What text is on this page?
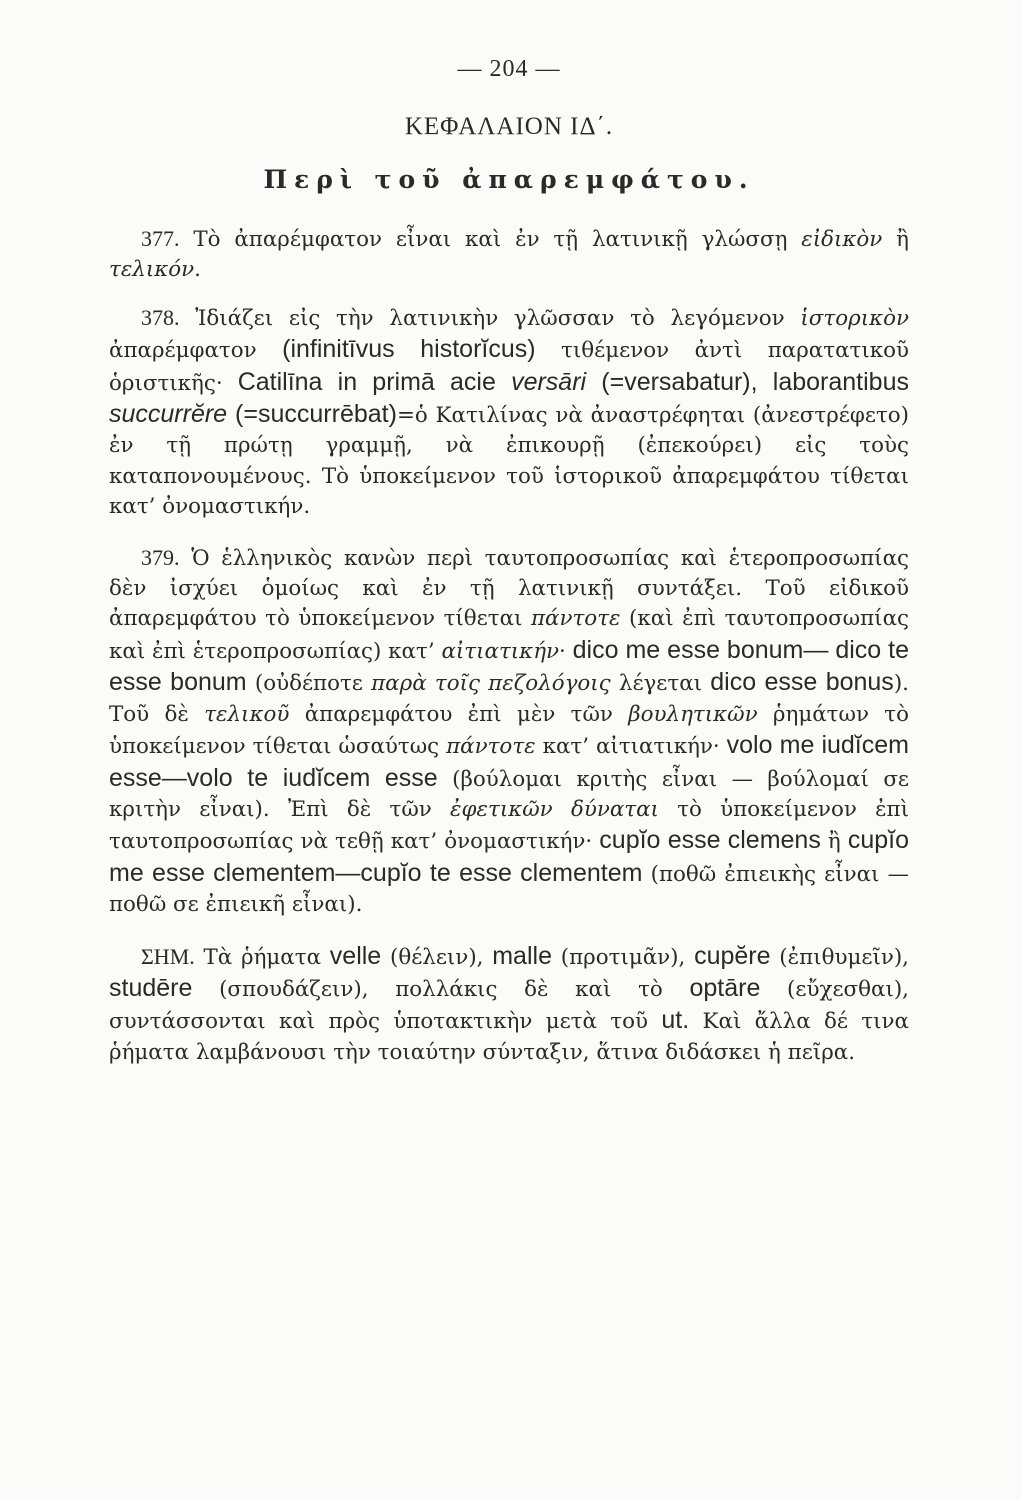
— 204 —
ΚΕΦΑΛΑΙΟΝ ΙΔ΄.
Περὶ τοῦ ἀπαρεμφάτου.

377. Τὸ ἀπαρέμφατον εἶναι καὶ ἐν τῇ λατινικῇ γλώσσῃ εἰδικὸν ἢ τελικόν.

378. Ἰδιάζει εἰς τὴν λατινικὴν γλῶσσαν τὸ λεγόμενον ἱστορικὸν ἀπαρέμφατον (infinitīvus historĭcus) τιθέμενον ἀντὶ παρατατικοῦ ὁριστικῆς· Catilīna in primā acie versāri (=versabatur), laborantibus succurrĕre (=succurrēbat)=ὁ Κατιλίνας νὰ ἀναστρέφηται (ἀνεστρέφετο) ἐν τῇ πρώτῃ γραμμῇ, νὰ ἐπικουρῇ (ἐπεκούρει) εἰς τοὺς καταπονουμένους. Τὸ ὑποκείμενον τοῦ ἱστορικοῦ ἀπαρεμφάτου τίθεται κατ’ ὀνομαστικήν.

379. Ὁ ἑλληνικὸς κανὼν περὶ ταυτοπροσωπίας καὶ ἑτεροπροσωπίας δὲν ἰσχύει ὁμοίως καὶ ἐν τῇ λατινικῇ συντάξει. Τοῦ εἰδικοῦ ἀπαρεμφάτου τὸ ὑποκείμενον τίθεται πάντοτε (καὶ ἐπὶ ταυτοπροσωπίας καὶ ἐπὶ ἑτεροπροσωπίας) κατ’ αἰτιατικήν· dico me esse bonum— dico te esse bonum (οὐδέποτε παρὰ τοῖς πεζολόγοις λέγεται dico esse bonus). Τοῦ δὲ τελικοῦ ἀπαρεμφάτου ἐπὶ μὲν τῶν βουλητικῶν ῥημάτων τὸ ὑποκείμενον τίθεται ὡσαύτως πάντοτε κατ’ αἰτιατικήν· volo me iudĭcem esse—volo te iudĭcem esse (βούλομαι κριτὴς εἶναι — βούλομαί σε κριτὴν εἶναι). Ἐπὶ δὲ τῶν ἐφετικῶν δύναται τὸ ὑποκείμενον ἐπὶ ταυτοπροσωπίας νὰ τεθῇ κατ’ ὀνομαστικήν· cupĭo esse clemens ἢ cupĭo me esse clementem—cupĭo te esse clementem (ποθῶ ἐπιεικὴς εἶναι — ποθῶ σε ἐπιεικῆ εἶναι).

ΣΗΜ. Τὰ ῥήματα velle (θέλειν), malle (προτιμᾶν), cupĕre (ἐπιθυμεῖν), studēre (σπουδάζειν), πολλάκις δὲ καὶ τὸ optāre (εὔχεσθαι), συντάσσονται καὶ πρὸς ὑποτακτικὴν μετὰ τοῦ ut. Καὶ ἄλλα δέ τινα ῥήματα λαμβάνουσι τὴν τοιαύτην σύνταξιν, ἅτινα διδάσκει ἡ πεῖρα.
